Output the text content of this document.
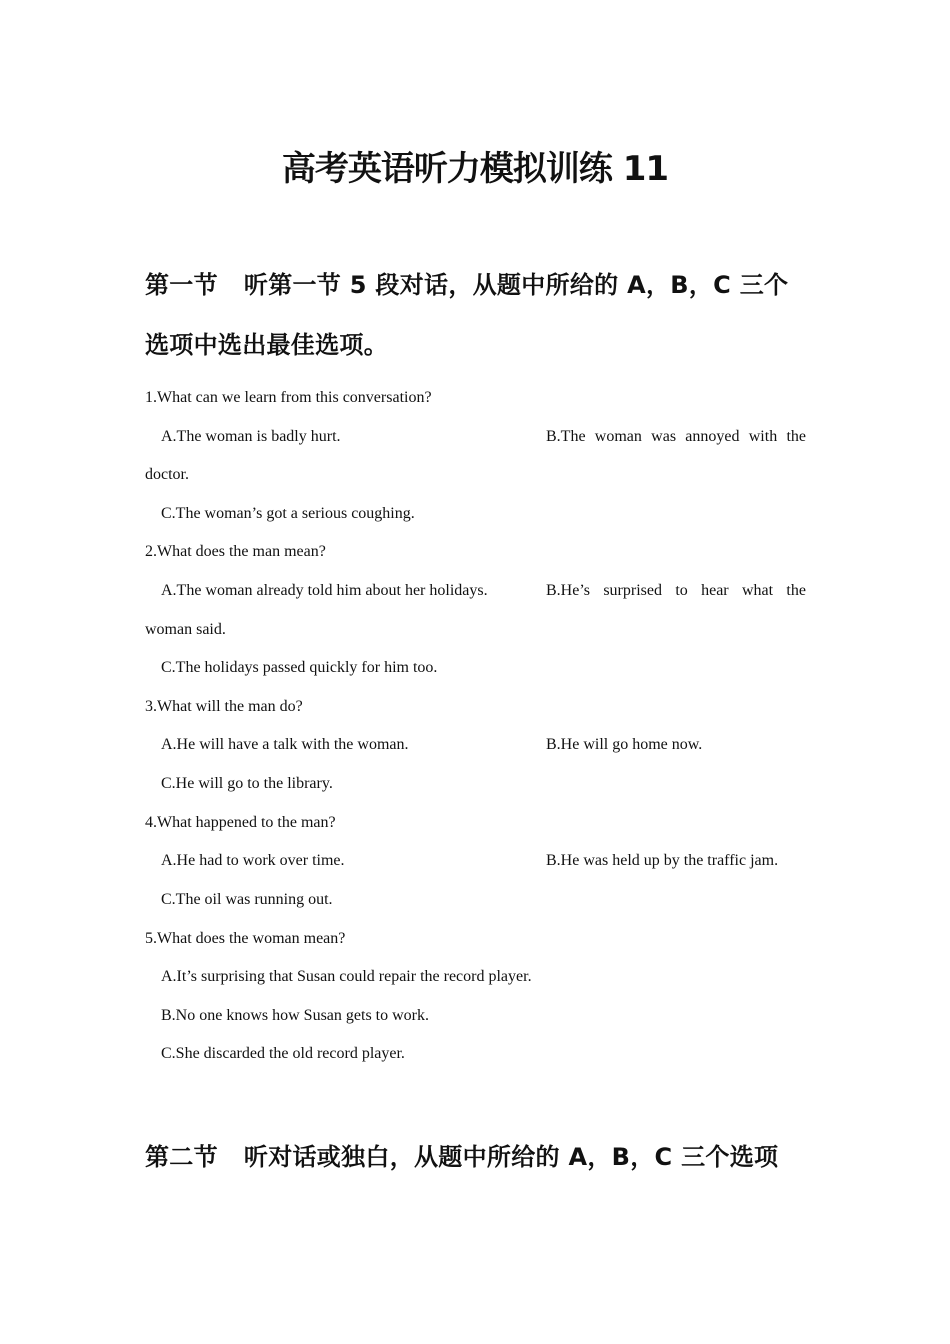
高考英语听力模拟训练 11
第一节 听第一节 5 段对话，从题中所给的 A，B，C 三个
选项中选出最佳选项。
1.What can we learn from this conversation?
A.The woman is badly hurt.	B.The woman was annoyed with the
doctor.
C.The woman’s got a serious coughing.
2.What does the man mean?
A.The woman already told him about her holidays.	B.He’s surprised to hear what the
woman said.
C.The holidays passed quickly for him too.
3.What will the man do?
A.He will have a talk with the woman.	B.He will go home now.
C.He will go to the library.
4.What happened to the man?
A.He had to work over time.	B.He was held up by the traffic jam.
C.The oil was running out.
5.What does the woman mean?
A.It’s surprising that Susan could repair the record player.
B.No one knows how Susan gets to work.
C.She discarded the old record player.
第二节 听对话或独白，从题中所给的 A，B，C 三个选项
